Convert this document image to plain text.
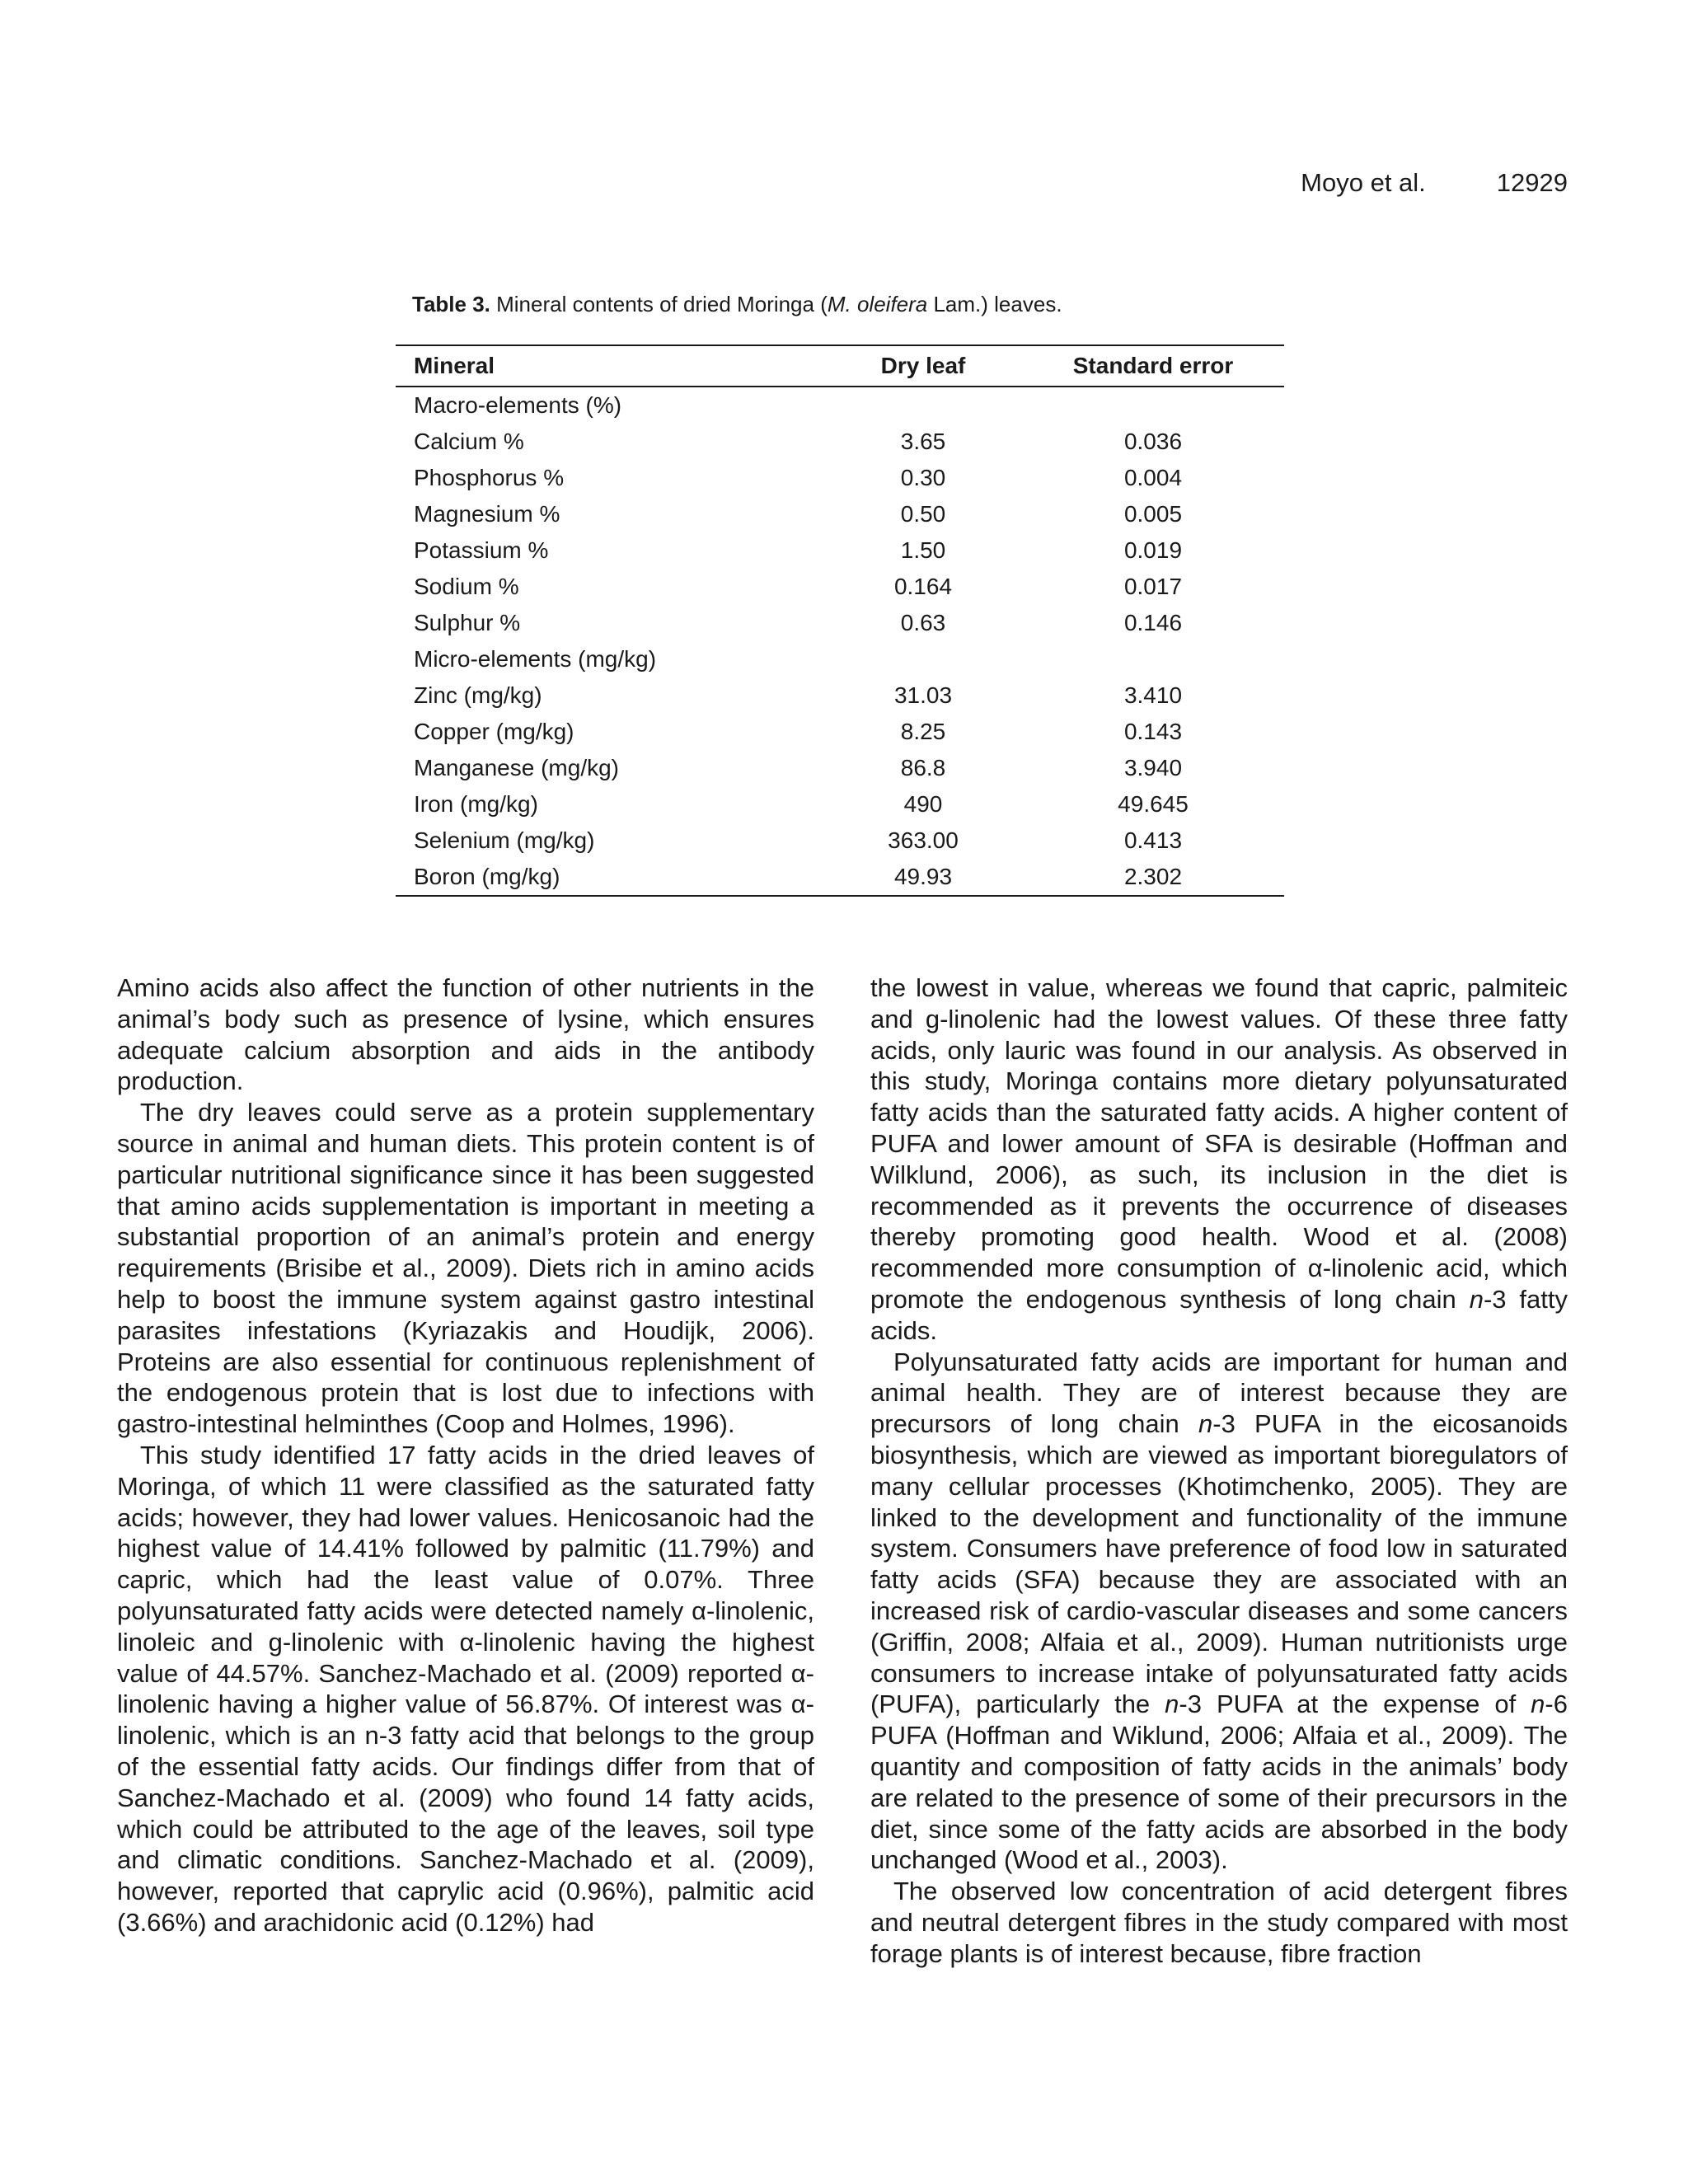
Moyo et al.	12929
Table 3. Mineral contents of dried Moringa (M. oleifera Lam.) leaves.
Mineral	Dry leaf	Standard error
Macro-elements (%)		
Calcium %	3.65	0.036
Phosphorus %	0.30	0.004
Magnesium %	0.50	0.005
Potassium %	1.50	0.019
Sodium %	0.164	0.017
Sulphur %	0.63	0.146
Micro-elements (mg/kg)		
Zinc (mg/kg)	31.03	3.410
Copper (mg/kg)	8.25	0.143
Manganese (mg/kg)	86.8	3.940
Iron (mg/kg)	490	49.645
Selenium (mg/kg)	363.00	0.413
Boron (mg/kg)	49.93	2.302

Amino acids also affect the function of other nutrients in the animal’s body such as presence of lysine, which ensures adequate calcium absorption and aids in the antibody production.

The dry leaves could serve as a protein supplementary source in animal and human diets. This protein content is of particular nutritional significance since it has been suggested that amino acids supplementation is important in meeting a substantial proportion of an animal’s protein and energy requirements (Brisibe et al., 2009). Diets rich in amino acids help to boost the immune system against gastro intestinal parasites infestations (Kyriazakis and Houdijk, 2006). Proteins are also essential for continuous replenishment of the endogenous protein that is lost due to infections with gastro-intestinal helminthes (Coop and Holmes, 1996).

This study identified 17 fatty acids in the dried leaves of Moringa, of which 11 were classified as the saturated fatty acids; however, they had lower values. Henicosanoic had the highest value of 14.41% followed by palmitic (11.79%) and capric, which had the least value of 0.07%. Three polyunsaturated fatty acids were detected namely α-linolenic, linoleic and g-linolenic with α-linolenic having the highest value of 44.57%. Sanchez-Machado et al. (2009) reported α-linolenic having a higher value of 56.87%. Of interest was α-linolenic, which is an n-3 fatty acid that belongs to the group of the essential fatty acids. Our findings differ from that of Sanchez-Machado et al. (2009) who found 14 fatty acids, which could be attributed to the age of the leaves, soil type and climatic conditions. Sanchez-Machado et al. (2009), however, reported that caprylic acid (0.96%), palmitic acid (3.66%) and arachidonic acid (0.12%) had

the lowest in value, whereas we found that capric, palmiteic and g-linolenic had the lowest values. Of these three fatty acids, only lauric was found in our analysis. As observed in this study, Moringa contains more dietary polyunsaturated fatty acids than the saturated fatty acids. A higher content of PUFA and lower amount of SFA is desirable (Hoffman and Wilklund, 2006), as such, its inclusion in the diet is recommended as it prevents the occurrence of diseases thereby promoting good health. Wood et al. (2008) recommended more consumption of α-linolenic acid, which promote the endogenous synthesis of long chain n-3 fatty acids.

Polyunsaturated fatty acids are important for human and animal health. They are of interest because they are precursors of long chain n-3 PUFA in the eicosanoids biosynthesis, which are viewed as important bioregulators of many cellular processes (Khotimchenko, 2005). They are linked to the development and functionality of the immune system. Consumers have preference of food low in saturated fatty acids (SFA) because they are associated with an increased risk of cardio-vascular diseases and some cancers (Griffin, 2008; Alfaia et al., 2009). Human nutritionists urge consumers to increase intake of polyunsaturated fatty acids (PUFA), particularly the n-3 PUFA at the expense of n-6 PUFA (Hoffman and Wiklund, 2006; Alfaia et al., 2009). The quantity and composition of fatty acids in the animals’ body are related to the presence of some of their precursors in the diet, since some of the fatty acids are absorbed in the body unchanged (Wood et al., 2003).

The observed low concentration of acid detergent fibres and neutral detergent fibres in the study compared with most forage plants is of interest because, fibre fraction
